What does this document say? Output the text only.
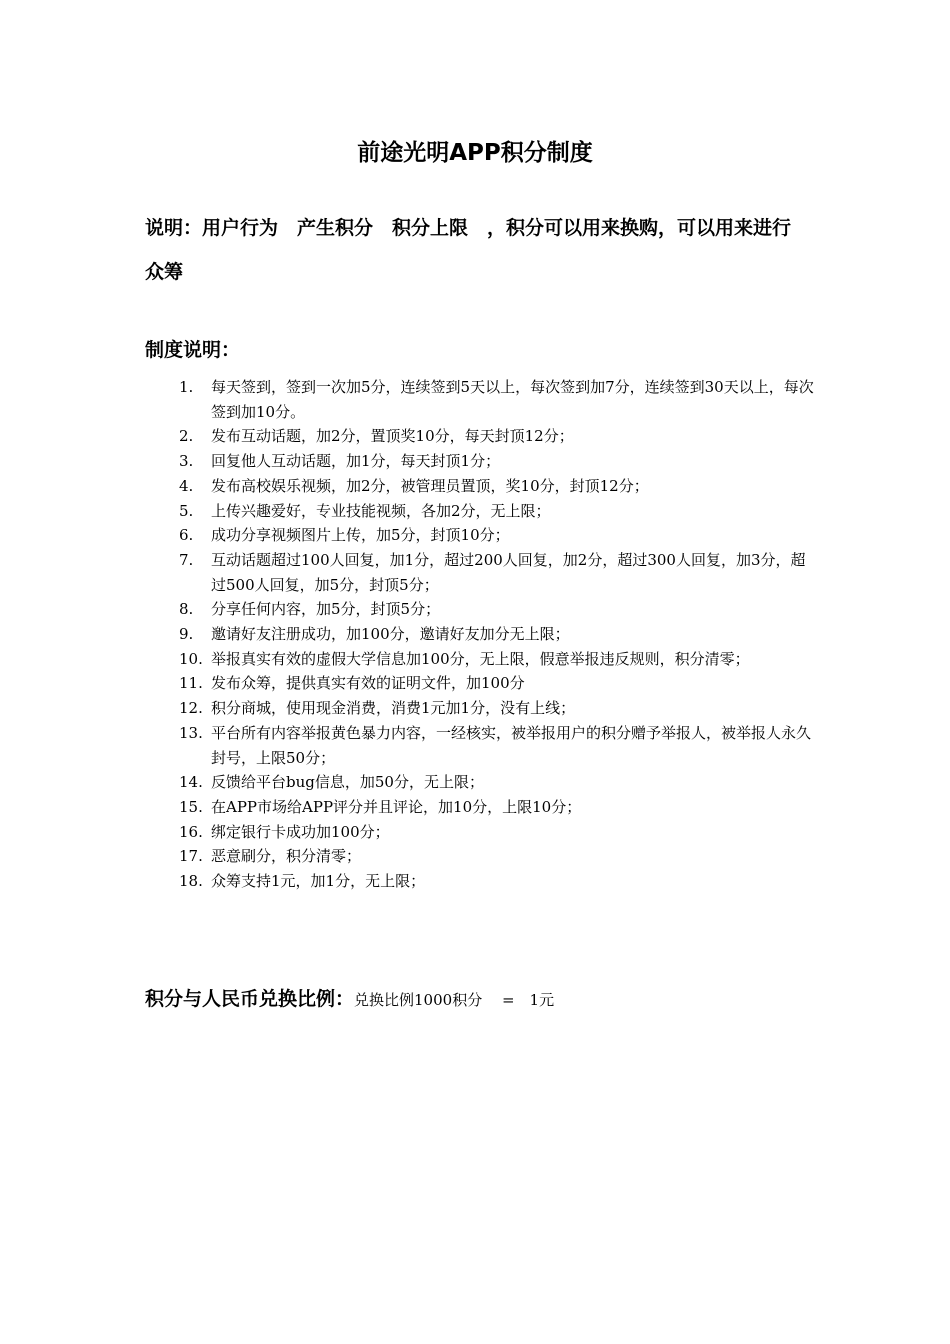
前途光明APP积分制度

说明：用户行为　产生积分　积分上限　，积分可以用来换购，可以用来进行众筹

制度说明：
1.	每天签到，签到一次加5分，连续签到5天以上，每次签到加7分，连续签到30天以上，每次签到加10分。
2.	发布互动话题，加2分，置顶奖10分，每天封顶12分；
3.	回复他人互动话题，加1分，每天封顶1分；
4.	发布高校娱乐视频，加2分，被管理员置顶，奖10分，封顶12分；
5.	上传兴趣爱好，专业技能视频，各加2分，无上限；
6.	成功分享视频图片上传，加5分，封顶10分；
7.	互动话题超过100人回复，加1分，超过200人回复，加2分，超过300人回复，加3分，超过500人回复，加5分，封顶5分；
8.	分享任何内容，加5分，封顶5分；
9.	邀请好友注册成功，加100分，邀请好友加分无上限；
10. 举报真实有效的虚假大学信息加100分，无上限，假意举报违反规则，积分清零；
11. 发布众筹，提供真实有效的证明文件，加100分
12. 积分商城，使用现金消费，消费1元加1分，没有上线；
13. 平台所有内容举报黄色暴力内容，一经核实，被举报用户的积分赠予举报人，被举报人永久封号，上限50分；
14. 反馈给平台bug信息，加50分，无上限；
15. 在APP市场给APP评分并且评论，加10分，上限10分；
16. 绑定银行卡成功加100分；
17. 恶意刷分，积分清零；
18. 众筹支持1元，加1分，无上限；

积分与人民币兑换比例：兑换比例1000积分　 =　1元
